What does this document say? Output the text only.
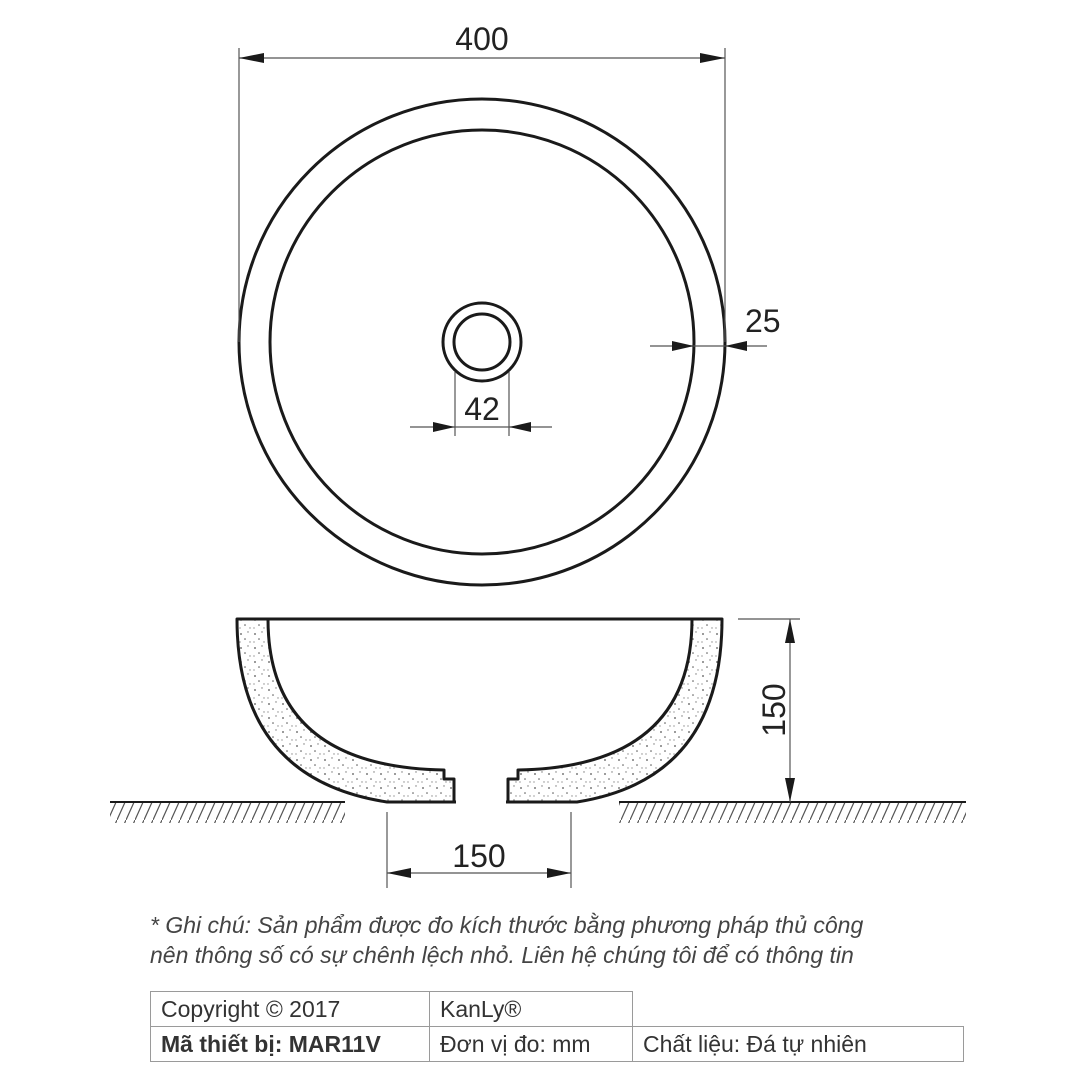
400
25
42
150
150
* Ghi chú: Sản phẩm được đo kích thước bằng phương pháp thủ công
nên thông số có sự chênh lệch nhỏ. Liên hệ chúng tôi để có thông tin
Copyright © 2017	KanLy®	
Mã thiết bị: MAR11V	Đơn vị đo: mm	Chất liệu: Đá tự nhiên
